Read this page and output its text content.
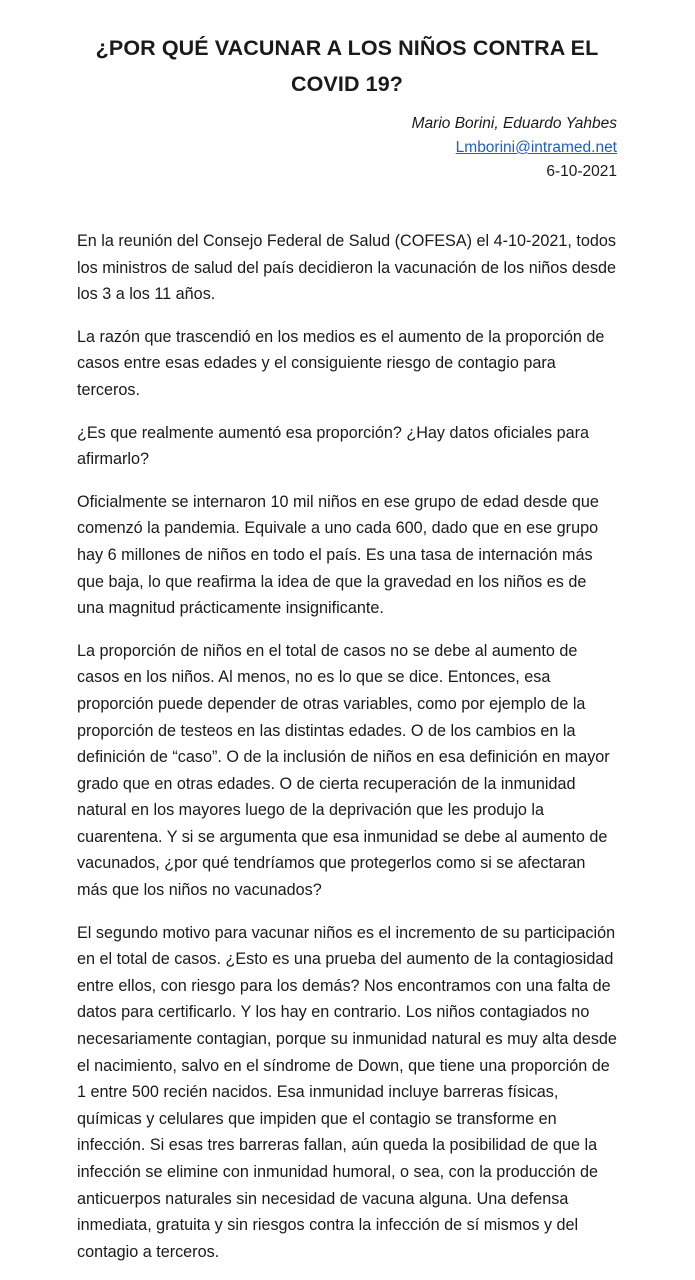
¿POR QUÉ VACUNAR A LOS NIÑOS CONTRA EL COVID 19?
Mario Borini, Eduardo Yahbes
Lmborini@intramed.net
6-10-2021

En la reunión del Consejo Federal de Salud (COFESA) el 4-10-2021, todos los ministros de salud del país decidieron la vacunación de los niños desde los 3 a los 11 años.

La razón que trascendió en los medios es el aumento de la proporción de casos entre esas edades y el consiguiente riesgo de contagio para terceros.

¿Es que realmente aumentó esa proporción? ¿Hay datos oficiales para afirmarlo?

Oficialmente se internaron 10 mil niños en ese grupo de edad desde que comenzó la pandemia. Equivale a uno cada 600, dado que en ese grupo hay 6 millones de niños en todo el país. Es una tasa de internación más que baja, lo que reafirma la idea de que la gravedad en los niños es de una magnitud prácticamente insignificante.

La proporción de niños en el total de casos no se debe al aumento de casos en los niños. Al menos, no es lo que se dice. Entonces, esa proporción puede depender de otras variables, como por ejemplo de la proporción de testeos en las distintas edades. O de los cambios en la definición de “caso”. O de la inclusión de niños en esa definición en mayor grado que en otras edades. O de cierta recuperación de la inmunidad natural en los mayores luego de la deprivación que les produjo la cuarentena. Y si se argumenta que esa inmunidad se debe al aumento de vacunados, ¿por qué tendríamos que protegerlos como si se afectaran más que los niños no vacunados?

El segundo motivo para vacunar niños es el incremento de su participación en el total de casos. ¿Esto es una prueba del aumento de la contagiosidad entre ellos, con riesgo para los demás? Nos encontramos con una falta de datos para certificarlo. Y los hay en contrario. Los niños contagiados no necesariamente contagian, porque su inmunidad natural es muy alta desde el nacimiento, salvo en el síndrome de Down, que tiene una proporción de 1 entre 500 recién nacidos. Esa inmunidad incluye barreras físicas, químicas y celulares que impiden que el contagio se transforme en infección. Si esas tres barreras fallan, aún queda la posibilidad de que la infección se elimine con inmunidad humoral, o sea, con la producción de anticuerpos naturales sin necesidad de vacuna alguna. Una defensa inmediata, gratuita y sin riesgos contra la infección de sí mismos y del contagio a terceros.
